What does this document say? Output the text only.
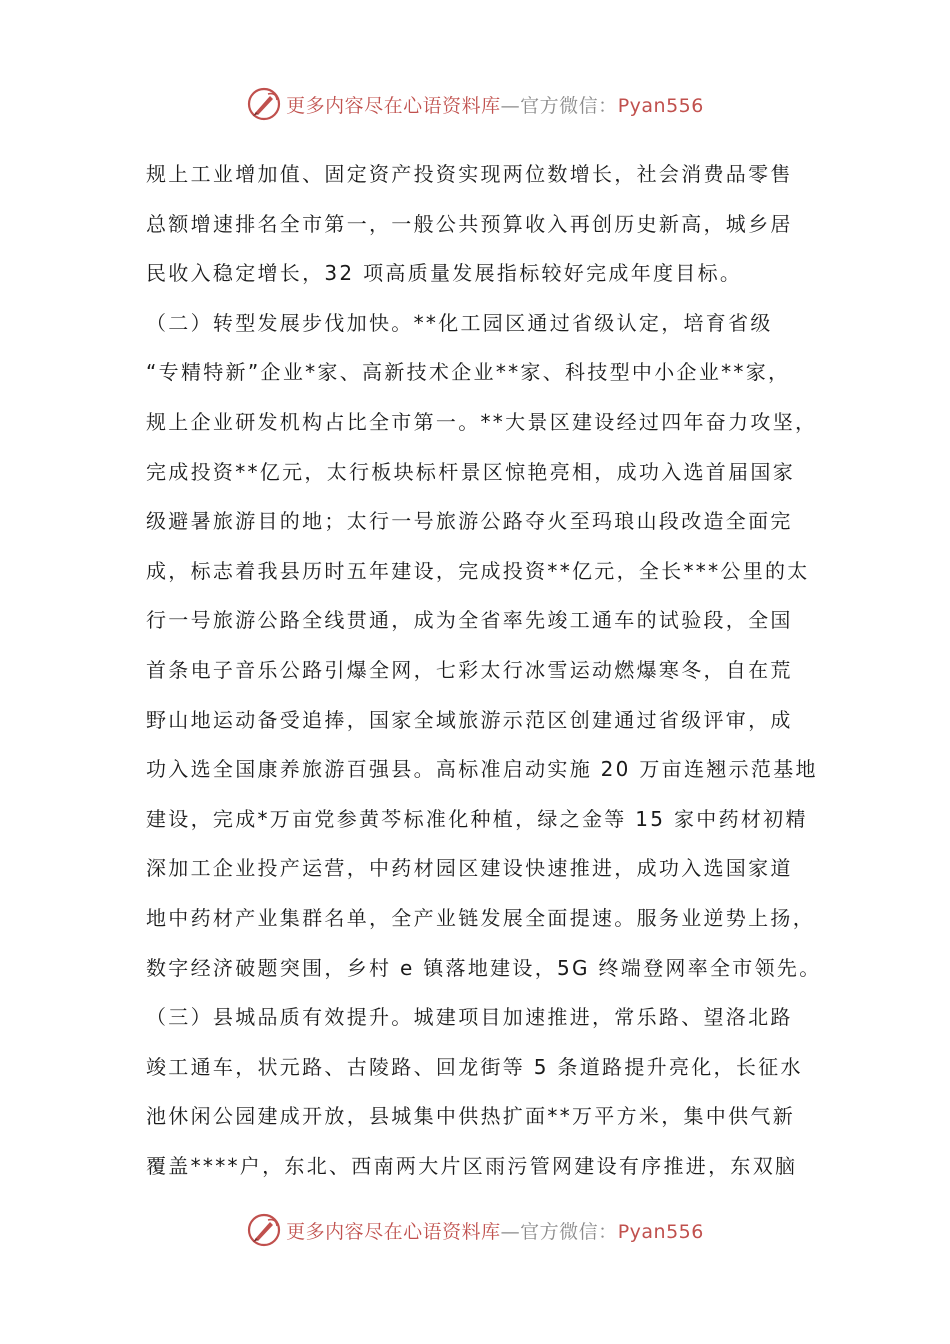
更多内容尽在心语资料库—官方微信：Pyan556
规上工业增加值、固定资产投资实现两位数增长，社会消费品零售
总额增速排名全市第一，一般公共预算收入再创历史新高，城乡居
民收入稳定增长，32 项高质量发展指标较好完成年度目标。
（二）转型发展步伐加快。**化工园区通过省级认定，培育省级
“专精特新”企业*家、高新技术企业**家、科技型中小企业**家，
规上企业研发机构占比全市第一。**大景区建设经过四年奋力攻坚，
完成投资**亿元，太行板块标杆景区惊艳亮相，成功入选首届国家
级避暑旅游目的地；太行一号旅游公路夺火至玛琅山段改造全面完
成，标志着我县历时五年建设，完成投资**亿元，全长***公里的太
行一号旅游公路全线贯通，成为全省率先竣工通车的试验段，全国
首条电子音乐公路引爆全网，七彩太行冰雪运动燃爆寒冬，自在荒
野山地运动备受追捧，国家全域旅游示范区创建通过省级评审，成
功入选全国康养旅游百强县。高标准启动实施 20 万亩连翘示范基地
建设，完成*万亩党参黄芩标准化种植，绿之金等 15 家中药材初精
深加工企业投产运营，中药材园区建设快速推进，成功入选国家道
地中药材产业集群名单，全产业链发展全面提速。服务业逆势上扬，
数字经济破题突围，乡村 e 镇落地建设，5G 终端登网率全市领先。
（三）县城品质有效提升。城建项目加速推进，常乐路、望洛北路
竣工通车，状元路、古陵路、回龙街等 5 条道路提升亮化，长征水
池休闲公园建成开放，县城集中供热扩面**万平方米，集中供气新
覆盖****户，东北、西南两大片区雨污管网建设有序推进，东双脑
更多内容尽在心语资料库—官方微信：Pyan556
